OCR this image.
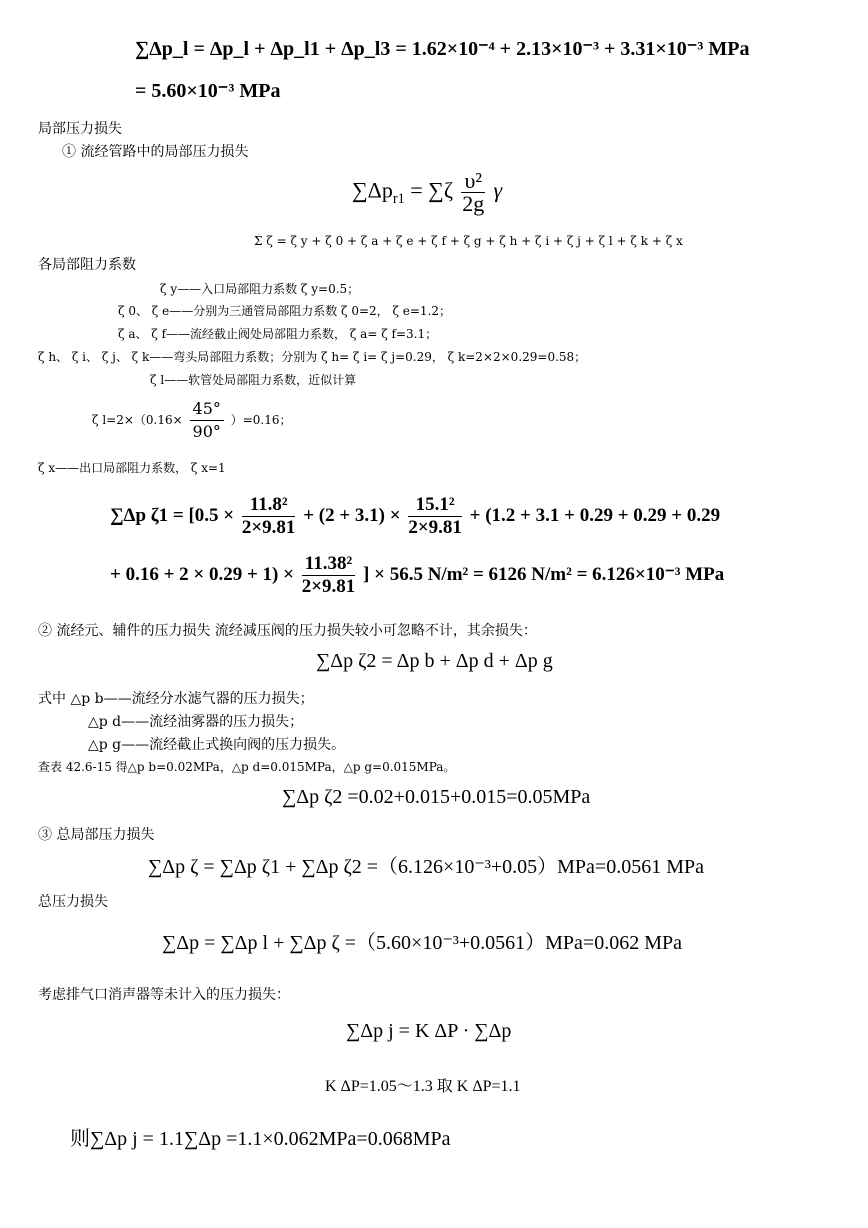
∑Δp_l = Δp_l + Δp_l1 + Δp_l3 = 1.62×10⁻⁴ + 2.13×10⁻³ + 3.31×10⁻³ MPa
= 5.60×10⁻³ MPa
局部压力损失
① 流经管路中的局部压力损失
$\sum\Delta p_{r1} = \sum\zeta \frac{\text{υ²}}{2g}$ γ
Σ ζ = ζ y + ζ 0 + ζ a + ζ e + ζ f + ζ g + ζ h + ζ i + ζ j + ζ l + ζ k + ζ x
各局部阻力系数
ζ y——入口局部阻力系数 ζ y=0.5；
ζ 0、 ζ e——分别为三通管局部阻力系数 ζ 0=2， ζ e=1.2；
ζ a、 ζ f——流经截止阀处局部阻力系数， ζ a= ζ f=3.1；
ζ h、 ζ i、 ζ j、 ζ k——弯头局部阻力系数；分别为 ζ h= ζ i= ζ j=0.29， ζ k=2×2×0.29=0.58；
ζ l——软管处局部阻力系数，近似计算
ζ $l=2\times(0.16\times \frac{45^\circ}{90^\circ} )=0.16$；
ζ x——出口局部阻力系数， ζ x=1
∑Δp $\zeta 1 = [0.5 \times \frac{\text{11.8²}}{2\times 9.81} + (2 + 3.1) \times \frac{\text{15.1²}}{2\times 9.81} + (1.2 + 3.1 + 0.29 + 0.29 + 0.29$
+ $0.16 + 2 \times 0.29 + 1) \times \frac{\text{11.38²}}{2\times 9.81}$ ] × 56.5 N/m² = 6126 N/m² = 6.126×10⁻³ MPa
② 流经元、辅件的压力损失 流经减压阀的压力损失较小可忽略不计，其余损失：
∑Δp ζ2 = Δp b + Δp d + Δp g
式中 △p b——流经分水滤气器的压力损失；
△p d——流经油雾器的压力损失；
△p g——流经截止式换向阀的压力损失。
查表 42.6-15 得△p b=0.02MPa，△p d=0.015MPa，△p g=0.015MPa。
∑Δp ζ2 =0.02+0.015+0.015=0.05MPa
③ 总局部压力损失
∑Δp ζ = ∑Δp ζ1 + ∑Δp ζ2 =（6.126×10⁻³+0.05）MPa=0.0561 MPa
总压力损失
∑Δp = ∑Δp l + ∑Δp ζ =（5.60×10⁻³+0.0561）MPa=0.062 MPa
考虑排气口消声器等未计入的压力损失：
∑Δp j = K ΔP · ∑Δp
K ΔP=1.05～1.3 取 K ΔP=1.1
则∑Δp j = 1.1∑Δp =1.1×0.062MPa=0.068MPa
